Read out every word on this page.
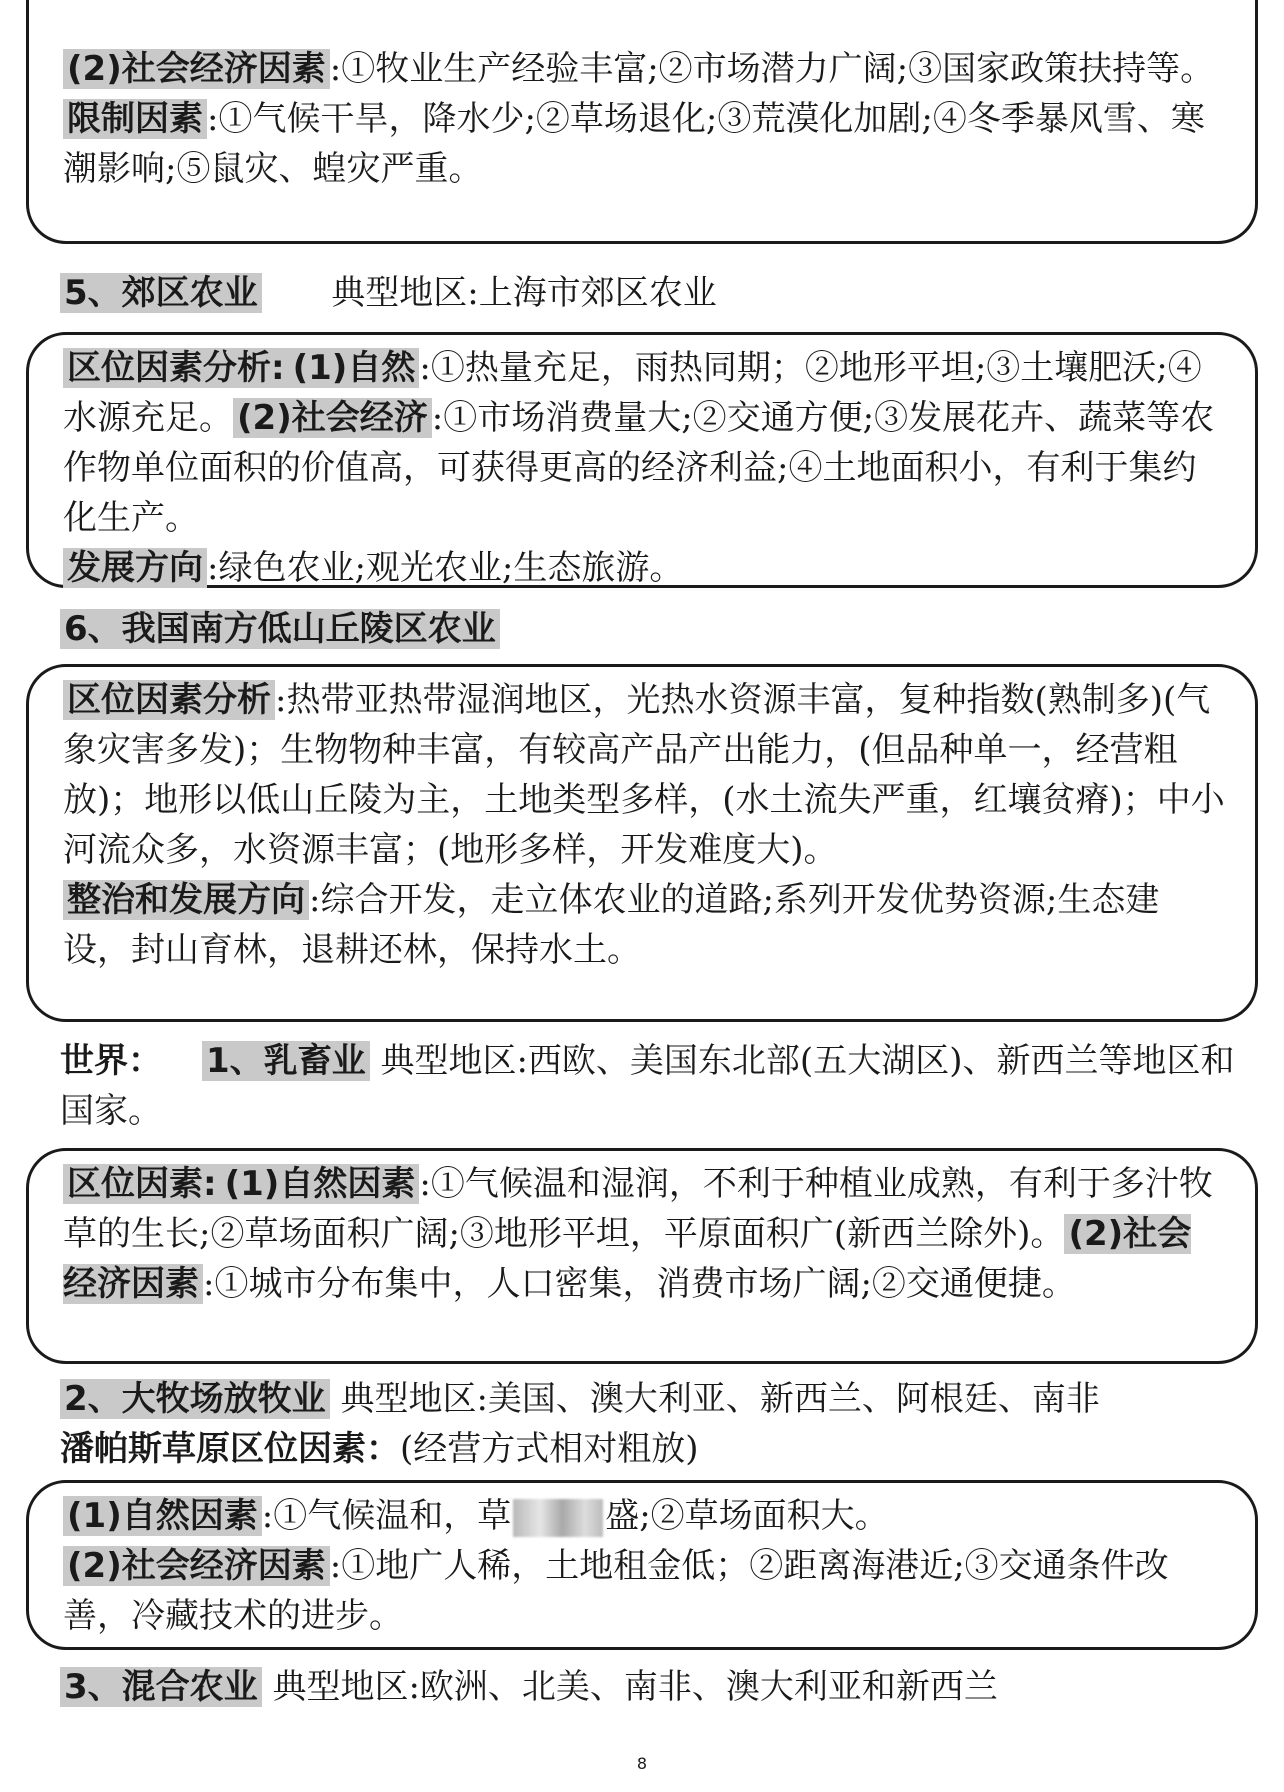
(2)社会经济因素 :①牧业生产经验丰富;②市场潜力广阔;③国家政策扶持等。

限制因素 :①气候干旱，降水少;②草场退化;③荒漠化加剧;④冬季暴风雪、寒潮影响;⑤鼠灾、蝗灾严重。

5、郊区农业 典型地区:上海市郊区农业

区位因素分析: (1)自然 :①热量充足，雨热同期；②地形平坦;③土壤肥沃;④水源充足。 (2)社会经济 :①市场消费量大;②交通方便;③发展花卉、蔬菜等农作物单位面积的价值高，可获得更高的经济利益;④土地面积小，有利于集约化生产。

发展方向 :绿色农业;观光农业;生态旅游。

6、我国南方低山丘陵区农业

区位因素分析 :热带亚热带湿润地区，光热水资源丰富，复种指数(熟制多)(气象灾害多发)；生物物种丰富，有较高产品产出能力，(但品种单一，经营粗放)；地形以低山丘陵为主，土地类型多样，(水土流失严重，红壤贫瘠)；中小河流众多，水资源丰富；(地形多样，开发难度大)。

整治和发展方向 :综合开发，走立体农业的道路;系列开发优势资源;生态建设，封山育林，退耕还林，保持水土。

世界： 1、乳畜业 典型地区:西欧、美国东北部(五大湖区)、新西兰等地区和国家。

区位因素: (1)自然因素 :①气候温和湿润，不利于种植业成熟，有利于多汁牧草的生长;②草场面积广阔;③地形平坦，平原面积广(新西兰除外)。 (2)社会经济因素 :①城市分布集中，人口密集，消费市场广阔;②交通便捷。

2、大牧场放牧业 典型地区:美国、澳大利亚、新西兰、阿根廷、南非
潘帕斯草原区位因素：(经营方式相对粗放)

(1)自然因素 :①气候温和，草	盛;②草场面积大。

(2)社会经济因素 :①地广人稀，土地租金低；②距离海港近;③交通条件改善，冷藏技术的进步。

3、混合农业 典型地区:欧洲、北美、南非、澳大利亚和新西兰
8
